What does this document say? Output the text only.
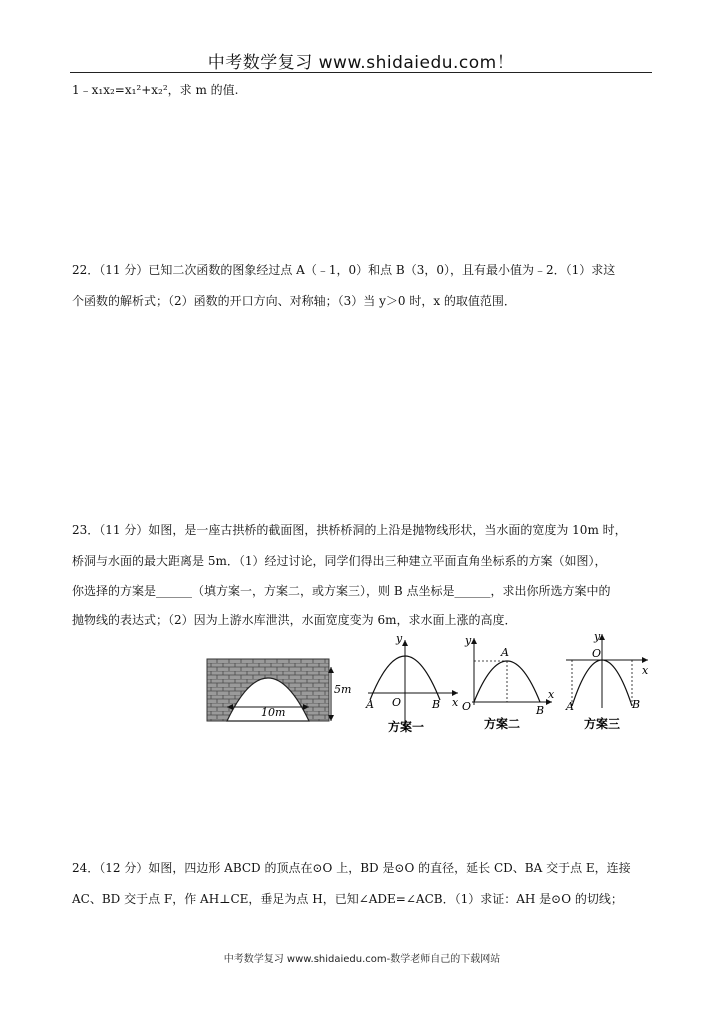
中考数学复习 www.shidaiedu.com！
1﹣x₁x₂=x₁²+x₂²，求 m 的值.
22．（11 分）已知二次函数的图象经过点 A（﹣1，0）和点 B（3，0），且有最小值为﹣2．（1）求这
个函数的解析式；（2）函数的开口方向、对称轴；（3）当 y＞0 时，x 的取值范围．
23．（11 分）如图，是一座古拱桥的截面图，拱桥桥洞的上沿是抛物线形状，当水面的宽度为 10m 时，
桥洞与水面的最大距离是 5m．（1）经过讨论，同学们得出三种建立平面直角坐标系的方案（如图），
你选择的方案是______（填方案一，方案二，或方案三），则 B 点坐标是______，求出你所选方案中的
抛物线的表达式；（2）因为上游水库泄洪，水面宽度变为 6m，求水面上涨的高度．
10m
5m
y
x
O
A	B
方案一
y
x
O
A
B
方案二
y
x
O
A	B
方案三
24．（12 分）如图，四边形 ABCD 的顶点在⊙O 上，BD 是⊙O 的直径，延长 CD、BA 交于点 E，连接
AC、BD 交于点 F，作 AH⊥CE，垂足为点 H，已知∠ADE=∠ACB．（1）求证：AH 是⊙O 的切线；
中考数学复习 www.shidaiedu.com-数学老师自己的下载网站
